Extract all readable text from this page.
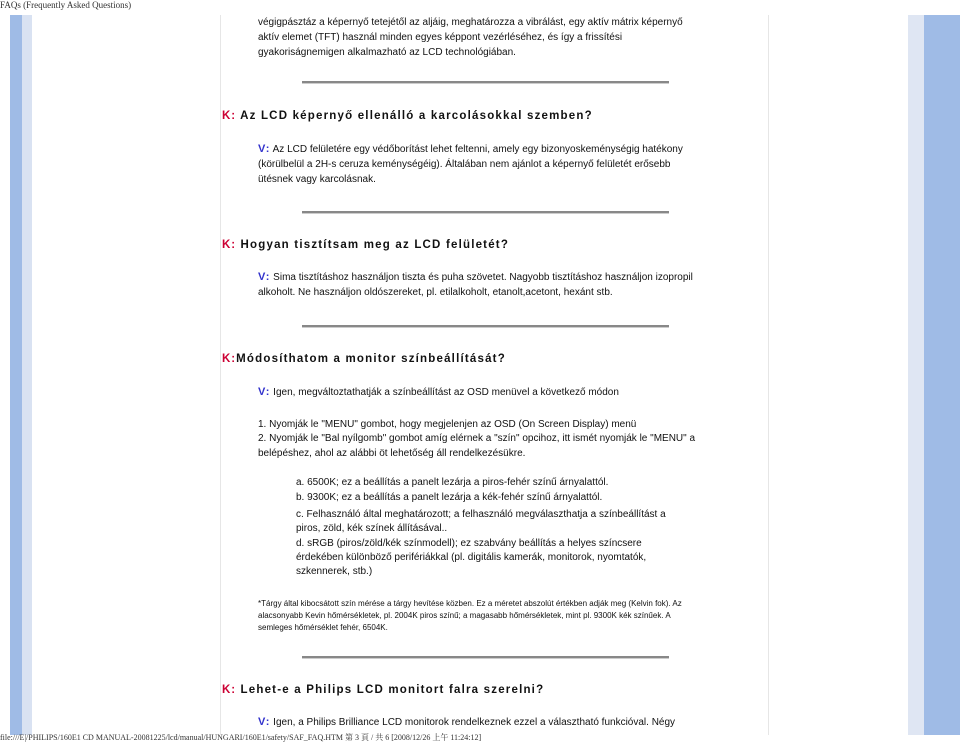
FAQs (Frequently Asked Questions)
végigpásztáz a képernyő tetejétől az aljáig, meghatározza a vibrálást, egy aktív mátrix képernyő aktív elemet (TFT) használ minden egyes képpont vezérléséhez, és így a frissítési gyakoriságnemigen alkalmazható az LCD technológiában.
K: Az LCD képernyő ellenálló a karcolásokkal szemben?
V: Az LCD felületére egy védőborítást lehet feltenni, amely egy bizonyoskeménységig hatékony (körülbelül a 2H-s ceruza keménységéig). Általában nem ajánlot a képernyő felületét erősebb ütésnek vagy karcolásnak.
K: Hogyan tisztítsam meg az LCD felületét?
V: Sima tisztításhoz használjon tiszta és puha szövetet. Nagyobb tisztításhoz használjon izopropil alkoholt. Ne használjon oldószereket, pl. etilalkoholt, etanolt,acetont, hexánt stb.
K:Módosíthatom a monitor színbeállítását?
V: Igen, megváltoztathatják a színbeállítást az OSD menüvel a következő módon
1. Nyomják le "MENU" gombot, hogy megjelenjen az OSD (On Screen Display) menü
2. Nyomják le "Bal nyílgomb" gombot amíg elérnek a "szín" opcihoz, itt ismét nyomják le "MENU" a belépéshez, ahol az alábbi öt lehetőség áll rendelkezésükre.
a. 6500K; ez a beállítás a panelt lezárja a piros-fehér színű árnyalattól.
b. 9300K; ez a beállítás a panelt lezárja a kék-fehér színű árnyalattól.
c. Felhasználó által meghatározott; a felhasználó megválaszthatja a színbeállítást a piros, zöld, kék színek állításával..
d. sRGB (piros/zöld/kék színmodell); ez szabvány beállítás a helyes színcsere érdekében különböző perifériákkal (pl. digitális kamerák, monitorok, nyomtatók, szkennerek, stb.)
*Tárgy által kibocsátott szín mérése a tárgy hevítése közben. Ez a méretet abszolút értékben adják meg (Kelvin fok). Az alacsonyabb Kevin hőmérsékletek, pl. 2004K piros színű; a magasabb hőmérsékletek, mint pl. 9300K kék színűek. A semleges hőmérséklet fehér, 6504K.
K: Lehet-e a Philips LCD monitort falra szerelni?
V: Igen, a Philips Brilliance LCD monitorok rendelkeznek ezzel a választható funkcióval. Négy
file:///E|/PHILIPS/160E1 CD MANUAL-20081225/lcd/manual/HUNGARI/160E1/safety/SAF_FAQ.HTM 第 3 頁 / 共 6 [2008/12/26 上午 11:24:12]
